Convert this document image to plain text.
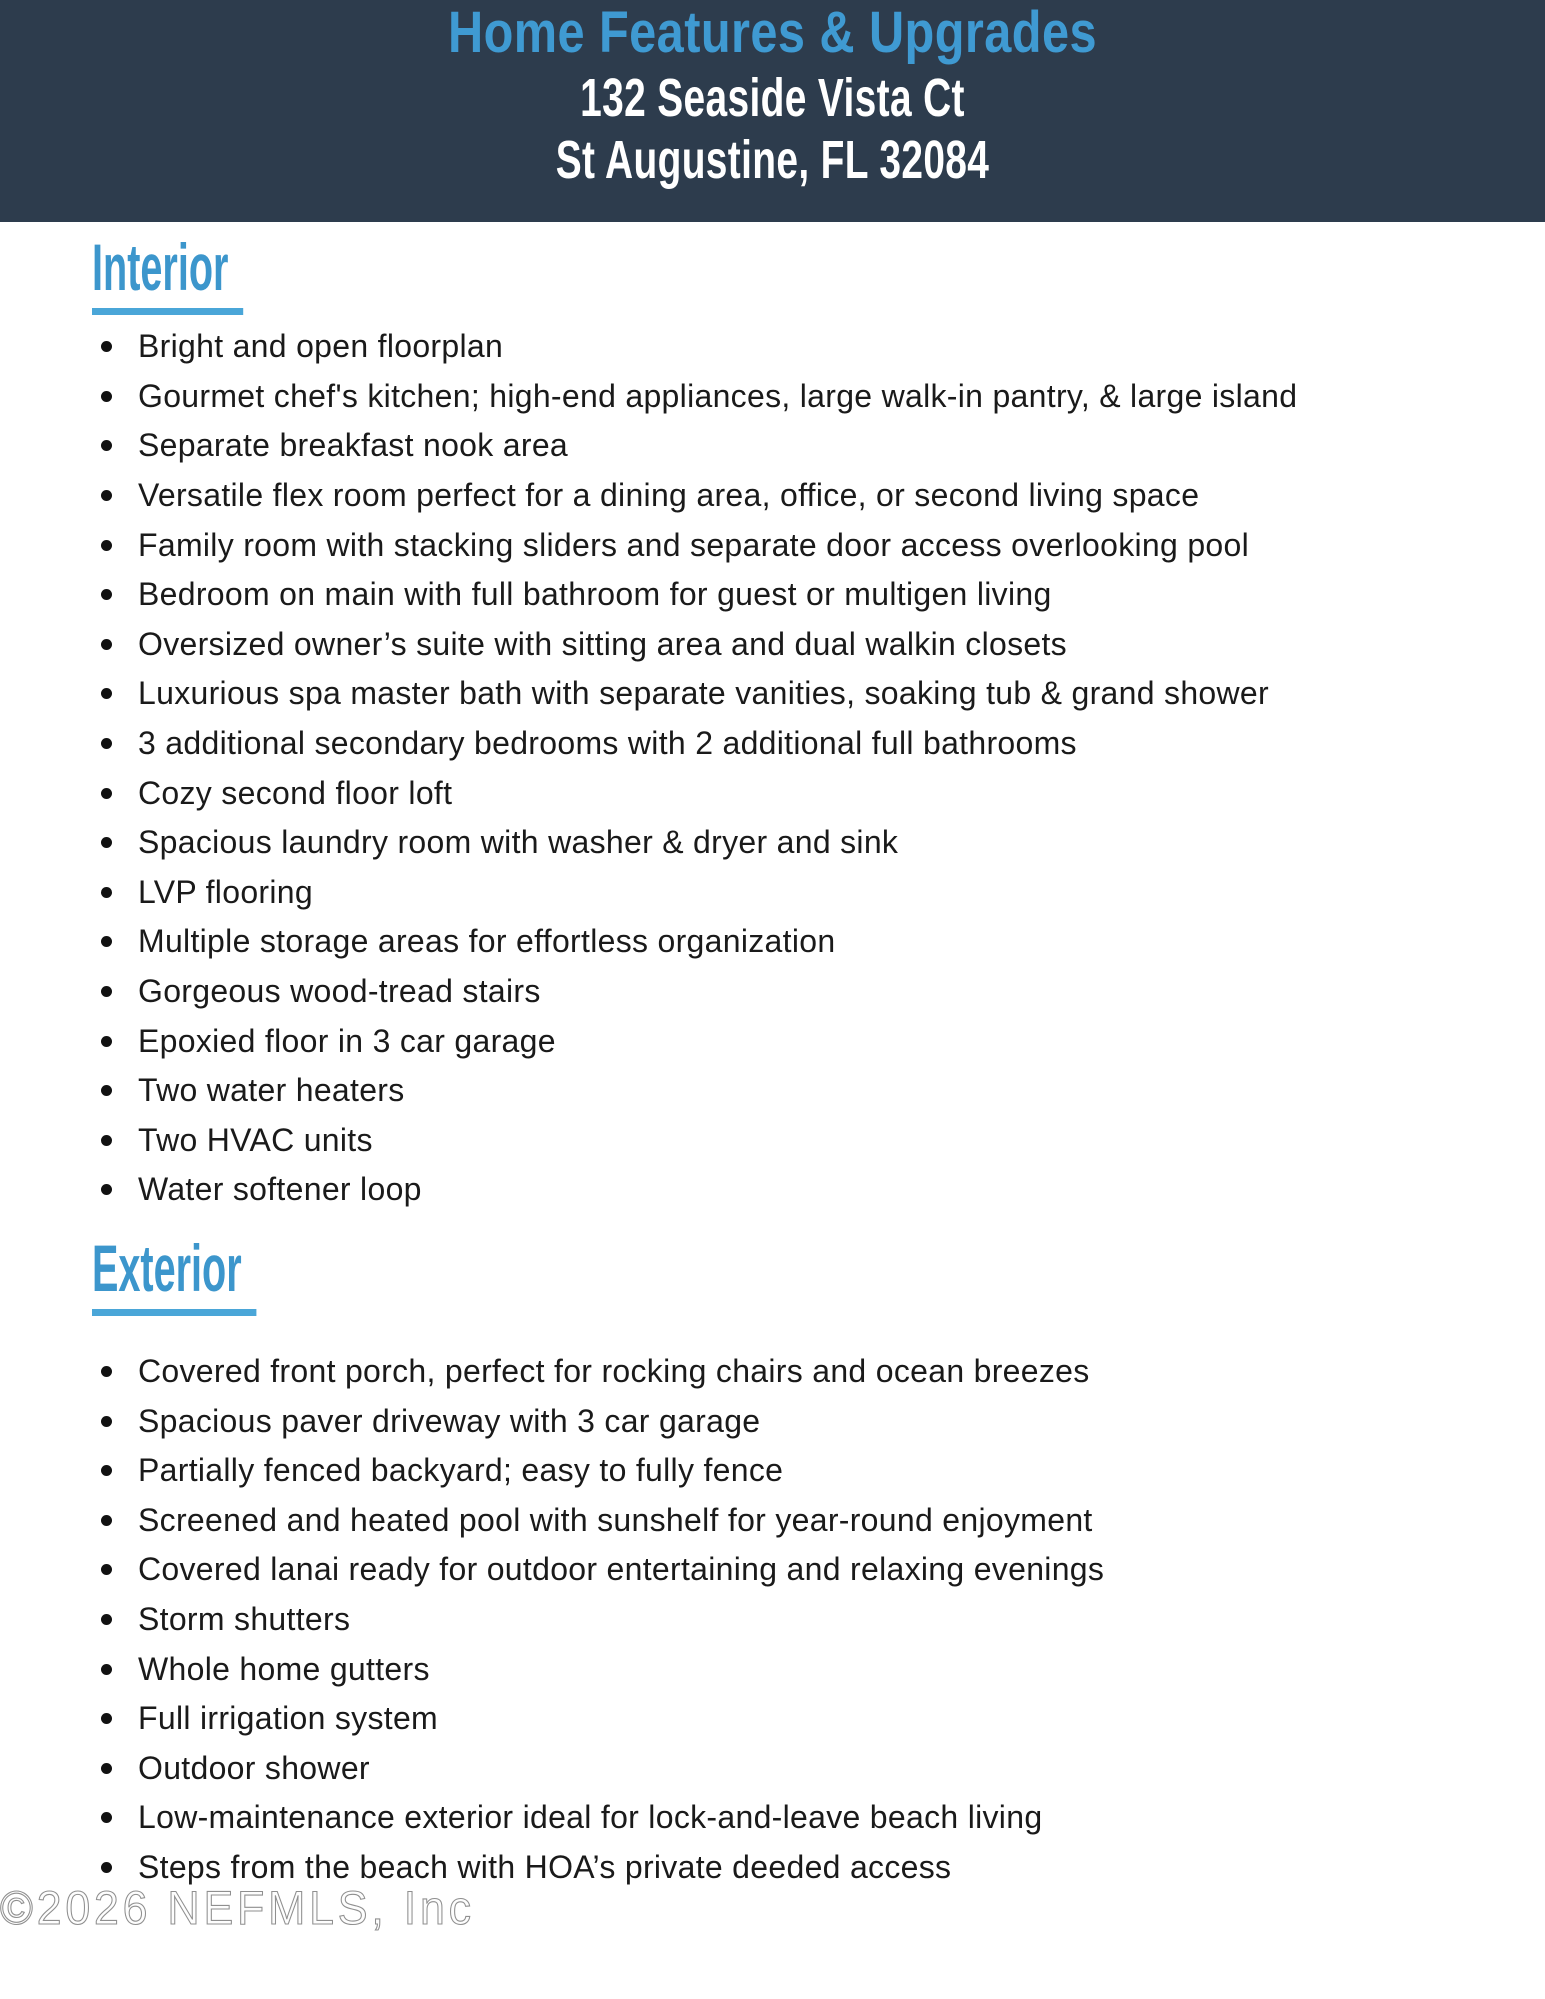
Home Features & Upgrades
132 Seaside Vista Ct
St Augustine, FL 32084
Interior
Bright and open floorplan
Gourmet chef's kitchen; high-end appliances, large walk-in pantry, & large island
Separate breakfast nook area
Versatile flex room perfect for a dining area, office, or second living space
Family room with stacking sliders and separate door access overlooking pool
Bedroom on main with full bathroom for guest or multigen living
Oversized owner’s suite with sitting area and dual walkin closets
Luxurious spa master bath with separate vanities, soaking tub & grand shower
3 additional secondary bedrooms with 2 additional full bathrooms
Cozy second floor loft
Spacious laundry room with washer & dryer and sink
LVP flooring
Multiple storage areas for effortless organization
Gorgeous wood-tread stairs
Epoxied floor in 3 car garage
Two water heaters
Two HVAC units
Water softener loop
Exterior
Covered front porch, perfect for rocking chairs and ocean breezes
Spacious paver driveway with 3 car garage
Partially fenced backyard; easy to fully fence
Screened and heated pool with sunshelf for year-round enjoyment
Covered lanai ready for outdoor entertaining and relaxing evenings
Storm shutters
Whole home gutters
Full irrigation system
Outdoor shower
Low-maintenance exterior ideal for lock-and-leave beach living
Steps from the beach with HOA’s private deeded access
©2026 NEFMLS, Inc
